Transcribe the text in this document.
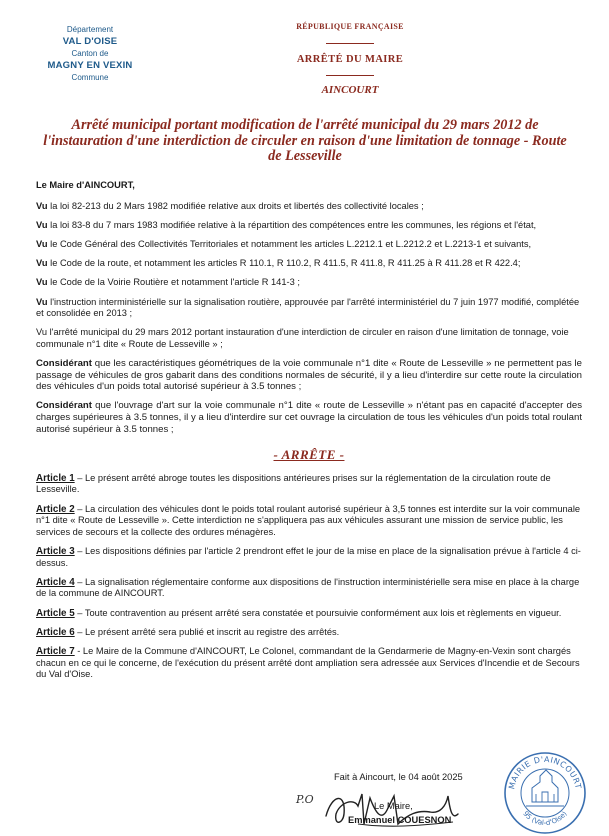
Département
VAL D'OISE
Canton de
MAGNY EN VEXIN
Commune
RÉPUBLIQUE FRANÇAISE
ARRÊTÉ DU MAIRE
AINCOURT
Arrêté municipal portant modification de l'arrêté municipal du 29 mars 2012 de l'instauration d'une interdiction de circuler en raison d'une limitation de tonnage - Route de Lesseville
Le Maire d'AINCOURT,

Vu la loi 82-213 du 2 Mars 1982 modifiée relative aux droits et libertés des collectivité locales ;

Vu la loi 83-8 du 7 mars 1983 modifiée relative à la répartition des compétences entre les communes, les régions et l'état,

Vu le Code Général des Collectivités Territoriales et notamment les articles L.2212.1 et L.2212.2 et L.2213-1 et suivants,

Vu le Code de la route, et notamment les articles R 110.1, R 110.2, R 411.5, R 411.8, R 411.25 à R 411.28 et R 422.4;

Vu le Code de la Voirie Routière et notamment l'article R 141-3 ;

Vu l'instruction interministérielle sur la signalisation routière, approuvée par l'arrêté interministériel du 7 juin 1977 modifié, complétée et consolidée en 2013 ;

Vu l'arrêté municipal du 29 mars 2012 portant instauration d'une interdiction de circuler en raison d'une limitation de tonnage, voie communale n°1 dite « Route de Lesseville » ;

Considérant que les caractéristiques géométriques de la voie communale n°1 dite « Route de Lesseville » ne permettent pas le passage de véhicules de gros gabarit dans des conditions normales de sécurité, il y a lieu d'interdire sur cette route la circulation des véhicules d'un poids total autorisé supérieur à 3.5 tonnes ;

Considérant que l'ouvrage d'art sur la voie communale n°1 dite « route de Lesseville » n'étant pas en capacité d'accepter des charges supérieures à 3.5 tonnes, il y a lieu d'interdire sur cet ouvrage la circulation de tous les véhicules d'un poids total roulant autorisé supérieur à 3.5 tonnes ;

- ARRÊTE -

Article 1 – Le présent arrêté abroge toutes les dispositions antérieures prises sur la réglementation de la circulation route de Lesseville.

Article 2 – La circulation des véhicules dont le poids total roulant autorisé supérieur à 3,5 tonnes est interdite sur la voir communale n°1 dite « Route de Lesseville ». Cette interdiction ne s'appliquera pas aux véhicules assurant une mission de service public, les services de secours et la collecte des ordures ménagères.

Article 3 – Les dispositions définies par l'article 2 prendront effet le jour de la mise en place de la signalisation prévue à l'article 4 ci-dessus.

Article 4 – La signalisation réglementaire conforme aux dispositions de l'instruction interministérielle sera mise en place à la charge de la commune de AINCOURT.

Article 5 – Toute contravention au présent arrêté sera constatée et poursuivie conformément aux lois et règlements en vigueur.

Article 6 – Le présent arrêté sera publié et inscrit au registre des arrêtés.

Article 7 - Le Maire de la Commune d'AINCOURT, Le Colonel, commandant de la Gendarmerie de Magny-en-Vexin sont chargés chacun en ce qui le concerne, de l'exécution du présent arrêté dont ampliation sera adressée aux Services d'Incendie et de Secours du Val d'Oise.

Fait à Aincourt, le 04 août 2025
P.O	Le Maire,
Emmanuel COUESNON
MAIRIE D'AINCOURT
95 (Val-d'Oise)
